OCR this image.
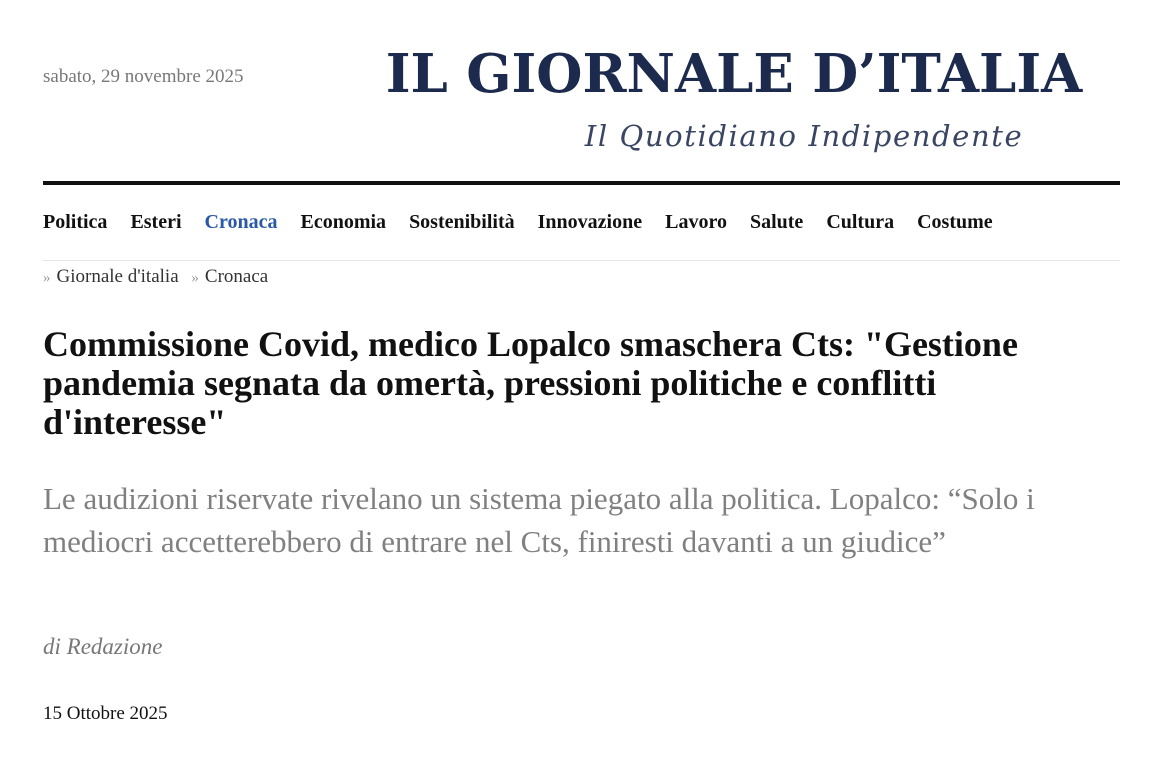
sabato, 29 novembre 2025	IL GIORNALE D’ITALIA
Il Quotidiano Indipendente
Politica Esteri Cronaca Economia Sostenibilità Innovazione Lavoro Salute Cultura Costume
» Giornale d'italia » Cronaca
Commissione Covid, medico Lopalco smaschera Cts: "Gestione pandemia segnata da omertà, pressioni politiche e conflitti d'interesse"

Le audizioni riservate rivelano un sistema piegato alla politica. Lopalco: “Solo i mediocri accetterebbero di entrare nel Cts, finiresti davanti a un giudice”

di Redazione
15 Ottobre 2025
